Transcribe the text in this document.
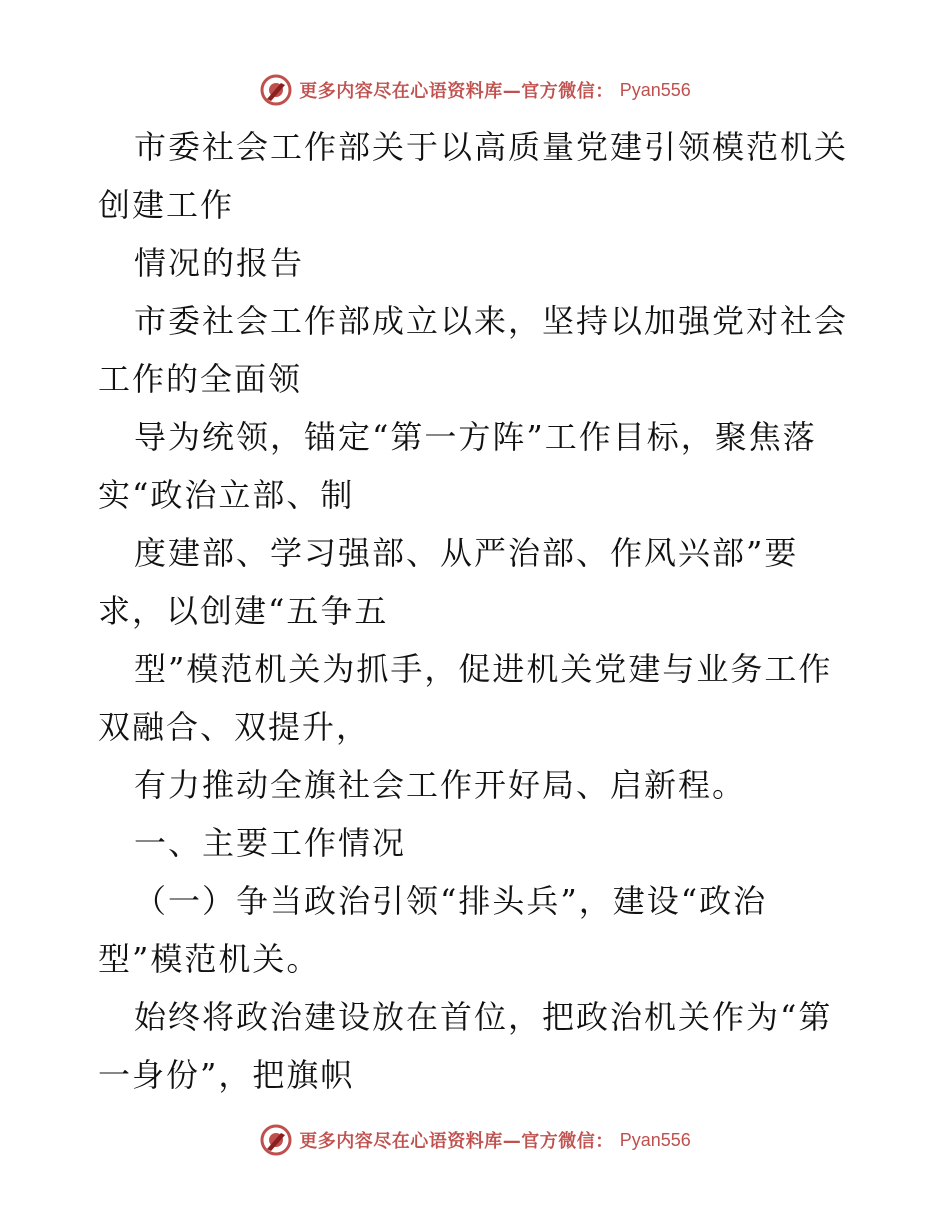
更多内容尽在心语资料库—官方微信： Pyan556
市委社会工作部关于以高质量党建引领模范机关
创建工作
情况的报告
市委社会工作部成立以来，坚持以加强党对社会
工作的全面领
导为统领，锚定“第一方阵”工作目标，聚焦落
实“政治立部、制
度建部、学习强部、从严治部、作风兴部”要
求，以创建“五争五
型”模范机关为抓手，促进机关党建与业务工作
双融合、双提升，
有力推动全旗社会工作开好局、启新程。
一、主要工作情况
（一）争当政治引领“排头兵”，建设“政治
型”模范机关。
始终将政治建设放在首位，把政治机关作为“第
一身份”，把旗帜
更多内容尽在心语资料库—官方微信： Pyan556
